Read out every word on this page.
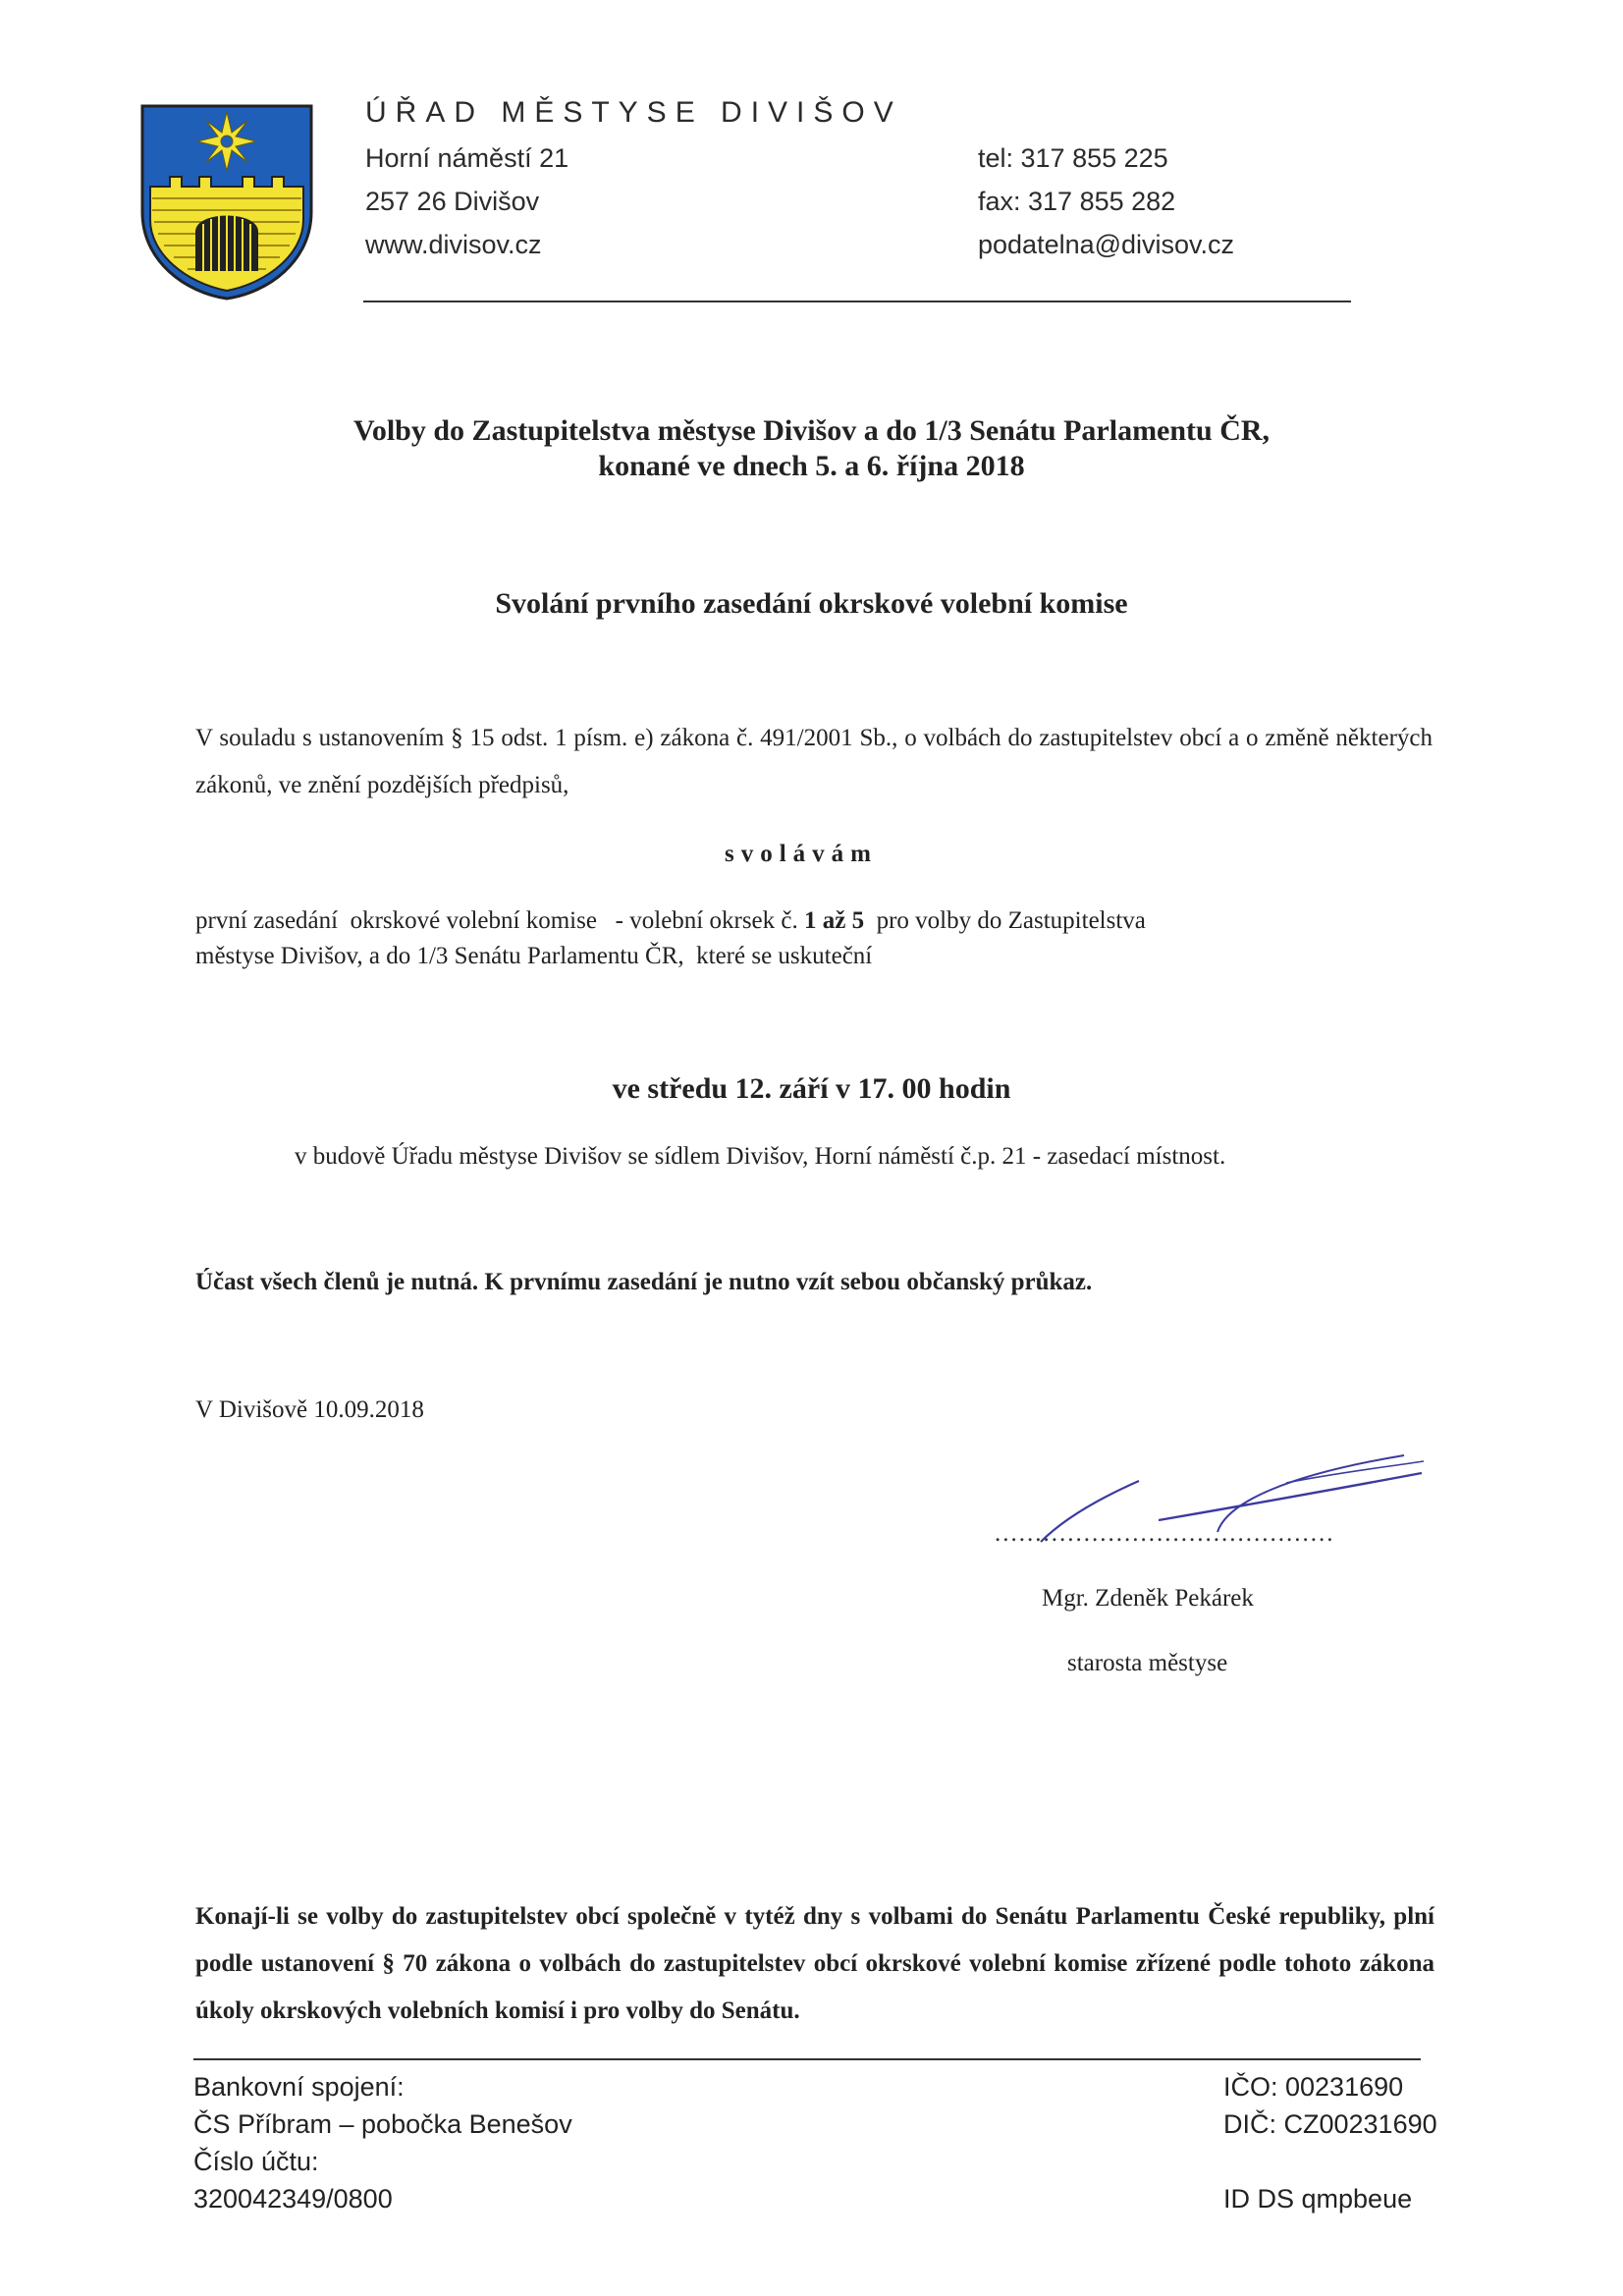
ÚŘAD MĚSTYSE DIVIŠOV
Horní náměstí 21
257 26 Divišov
www.divisov.cz
tel: 317 855 225
fax: 317 855 282
podatelna@divisov.cz
Volby do Zastupitelstva městyse Divišov a do 1/3 Senátu Parlamentu ČR,
konané ve dnech 5. a 6. října 2018
Svolání prvního zasedání okrskové volební komise
V souladu s ustanovením § 15 odst. 1 písm. e) zákona č. 491/2001 Sb., o volbách do zastupitelstev obcí a o změně některých zákonů, ve znění pozdějších předpisů,
svolávám
první zasedání  okrskové volební komise   - volební okrsek č. 1 až 5  pro volby do Zastupitelstva
městyse Divišov, a do 1/3 Senátu Parlamentu ČR,  které se uskuteční
ve středu 12. září v 17. 00 hodin
v budově Úřadu městyse Divišov se sídlem Divišov, Horní náměstí č.p. 21 - zasedací místnost.
Účast všech členů je nutná. K prvnímu zasedání je nutno vzít sebou občanský průkaz.
V Divišově 10.09.2018
..........................................
Mgr. Zdeněk Pekárek
starosta městyse
Konají-li se volby do zastupitelstev obcí společně v tytéž dny s volbami do Senátu Parlamentu České republiky, plní podle ustanovení § 70 zákona o volbách do zastupitelstev obcí okrskové volební komise zřízené podle tohoto zákona úkoly okrskových volebních komisí i pro volby do Senátu.
Bankovní spojení:
ČS Příbram – pobočka Benešov
Číslo účtu:
320042349/0800
IČO: 00231690
DIČ: CZ00231690
ID DS qmpbeue
